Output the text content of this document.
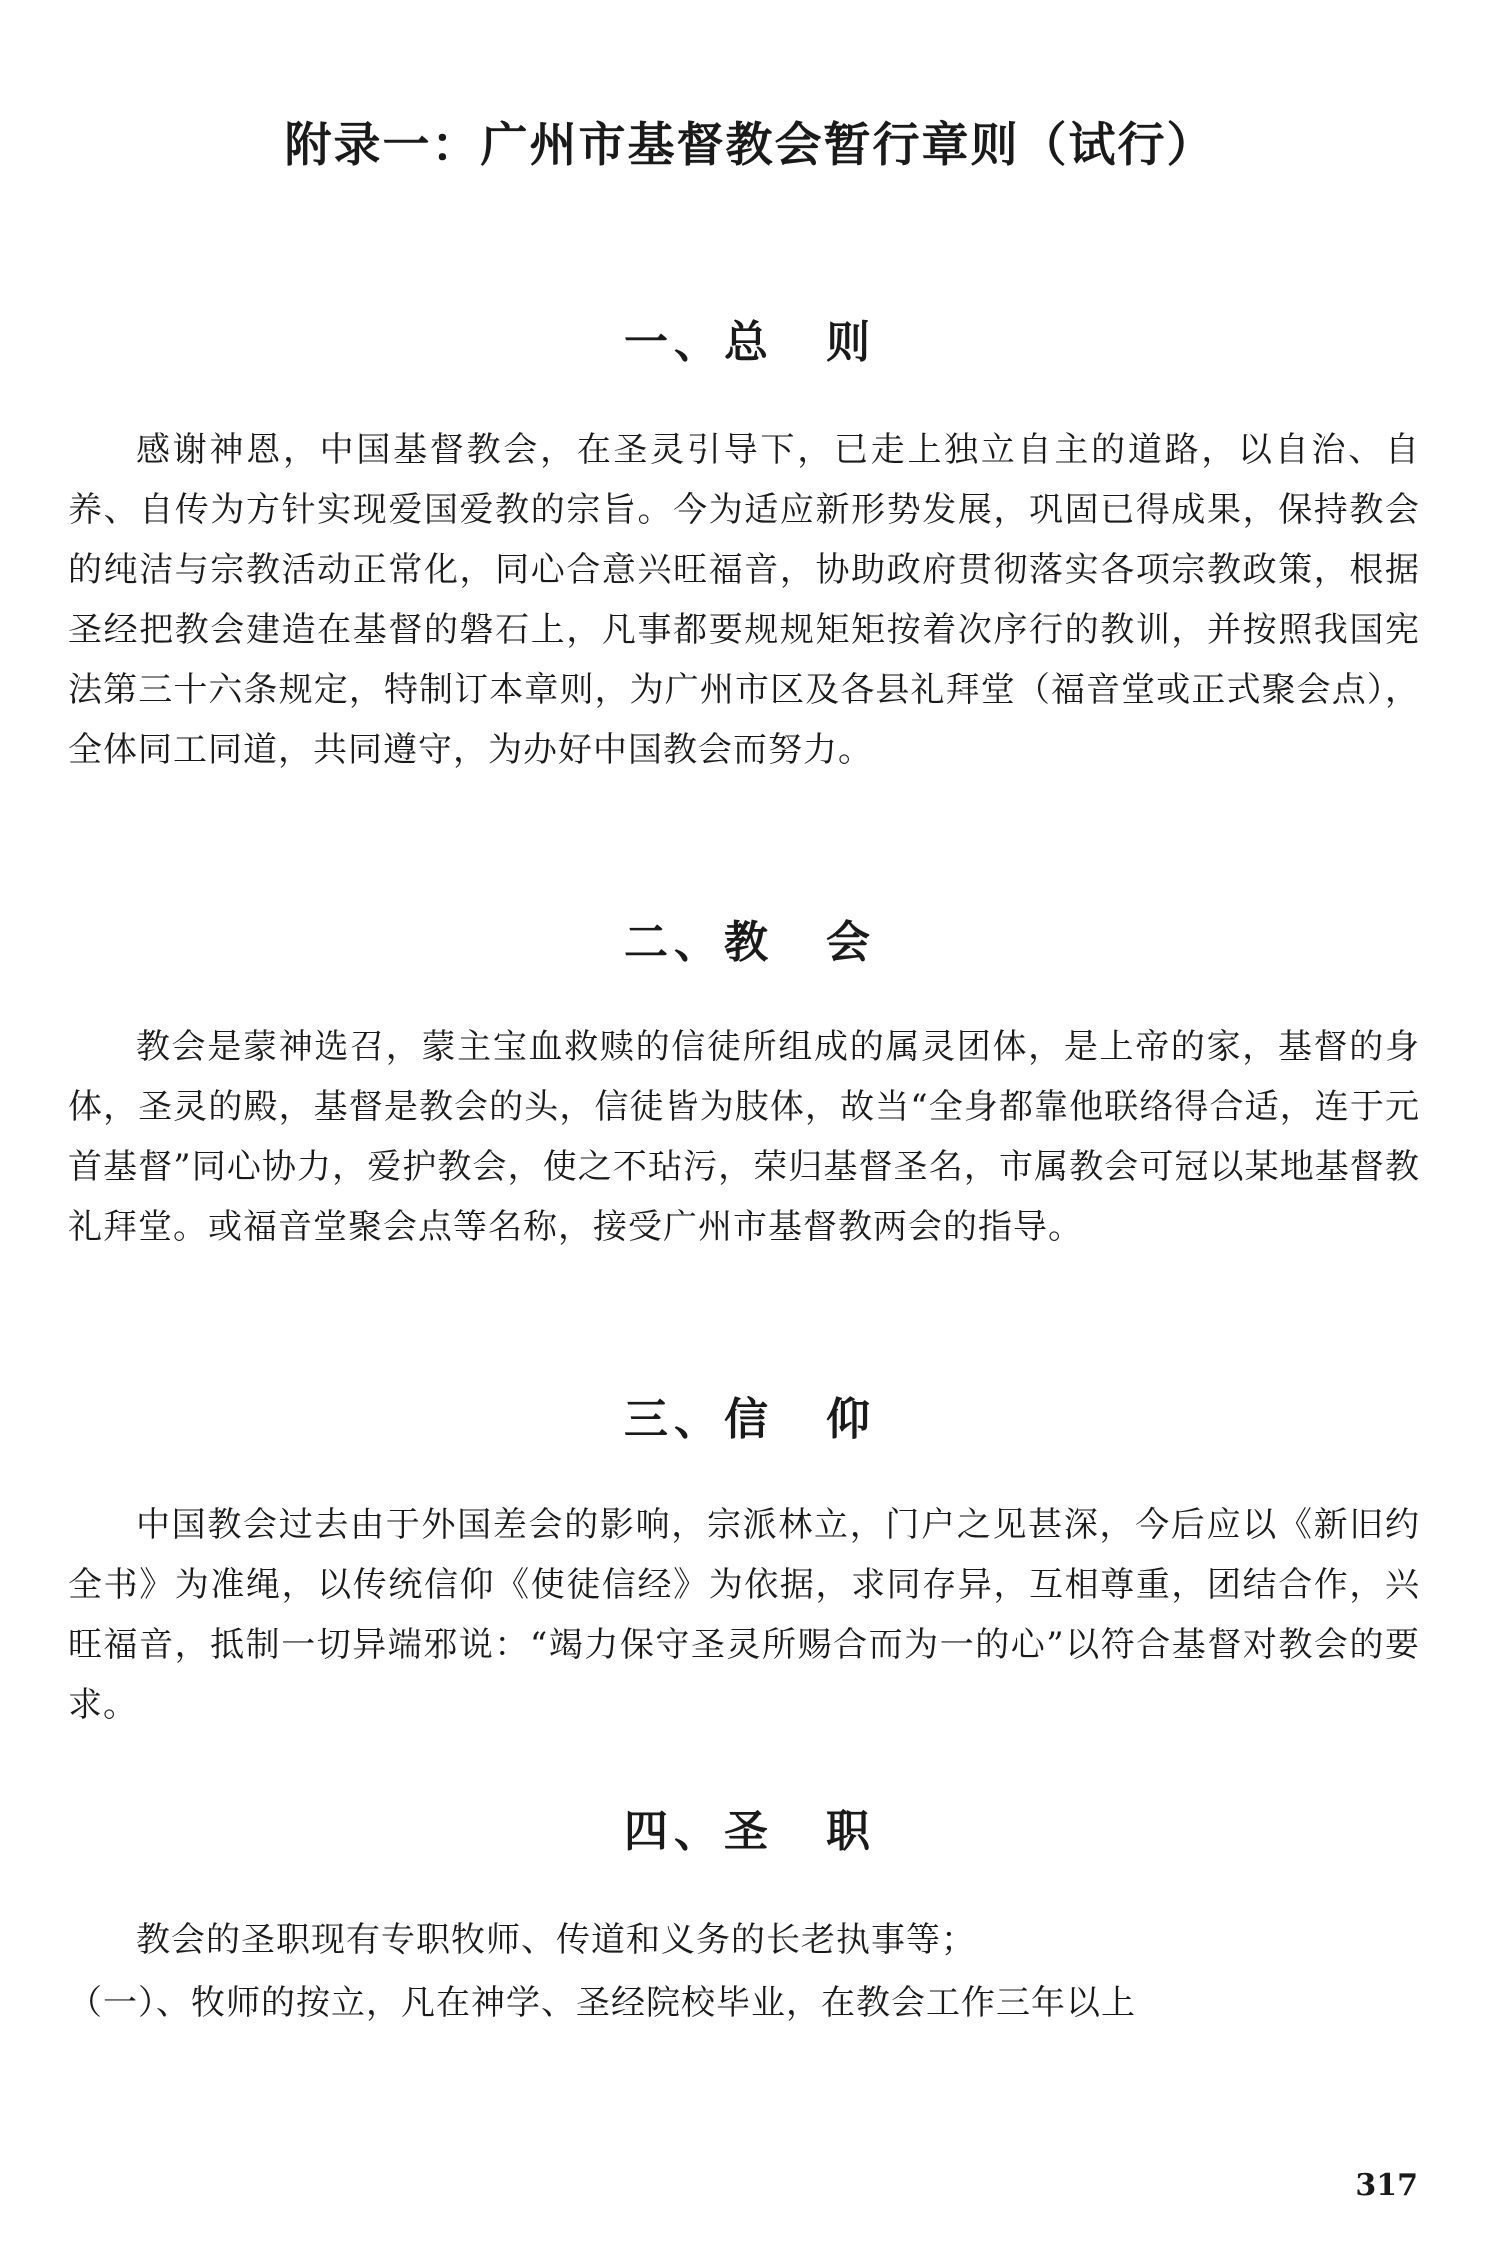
附录一：广州市基督教会暂行章则（试行）
一、总 则

感谢神恩，中国基督教会，在圣灵引导下，已走上独立自主的道路，以自治、自养、自传为方针实现爱国爱教的宗旨。今为适应新形势发展，巩固已得成果，保持教会的纯洁与宗教活动正常化，同心合意兴旺福音，协助政府贯彻落实各项宗教政策，根据圣经把教会建造在基督的磐石上，凡事都要规规矩矩按着次序行的教训，并按照我国宪法第三十六条规定，特制订本章则，为广州市区及各县礼拜堂（福音堂或正式聚会点），全体同工同道，共同遵守，为办好中国教会而努力。

二、教 会

教会是蒙神选召，蒙主宝血救赎的信徒所组成的属灵团体，是上帝的家，基督的身体，圣灵的殿，基督是教会的头，信徒皆为肢体，故当“全身都靠他联络得合适，连于元首基督”同心协力，爱护教会，使之不玷污，荣归基督圣名，市属教会可冠以某地基督教礼拜堂。或福音堂聚会点等名称，接受广州市基督教两会的指导。

三、信 仰

中国教会过去由于外国差会的影响，宗派林立，门户之见甚深，今后应以《新旧约全书》为准绳，以传统信仰《使徒信经》为依据，求同存异，互相尊重，团结合作，兴旺福音，抵制一切异端邪说：“竭力保守圣灵所赐合而为一的心”以符合基督对教会的要求。

四、圣 职

教会的圣职现有专职牧师、传道和义务的长老执事等；

（一）、牧师的按立，凡在神学、圣经院校毕业，在教会工作三年以上

317
